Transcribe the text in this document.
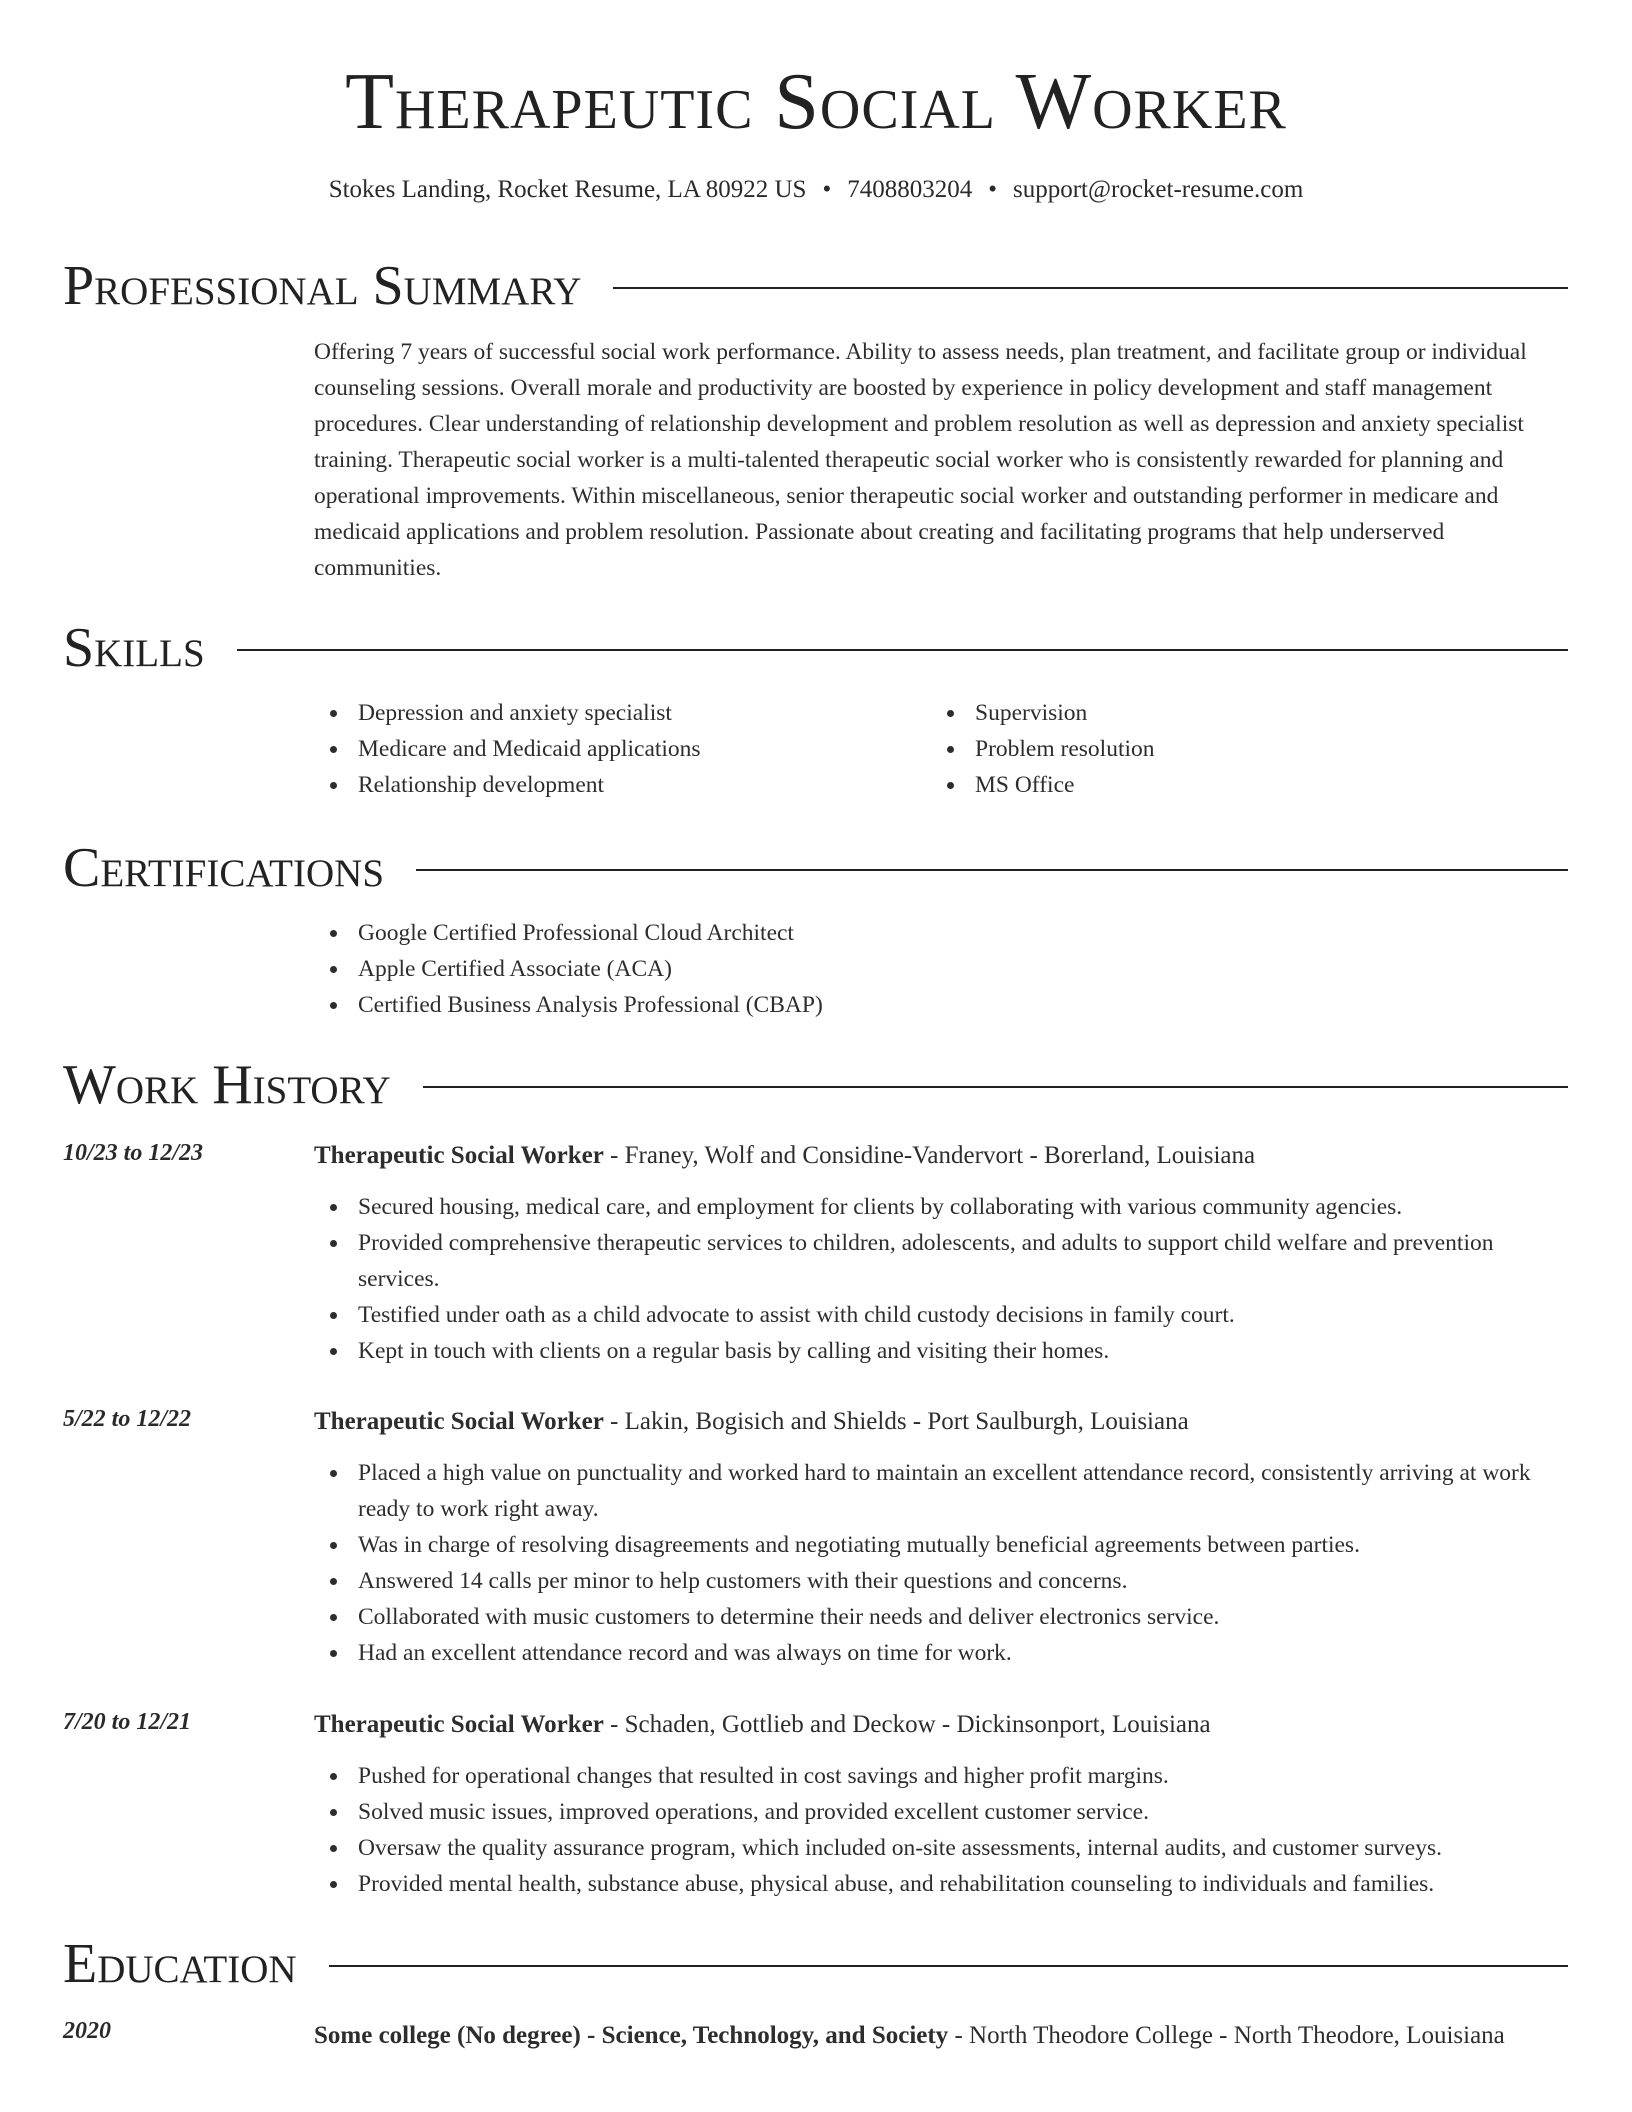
Therapeutic Social Worker
Stokes Landing, Rocket Resume, LA 80922 US • 7408803204 • support@rocket-resume.com
Professional Summary
Offering 7 years of successful social work performance. Ability to assess needs, plan treatment, and facilitate group or individual counseling sessions. Overall morale and productivity are boosted by experience in policy development and staff management procedures. Clear understanding of relationship development and problem resolution as well as depression and anxiety specialist training. Therapeutic social worker is a multi-talented therapeutic social worker who is consistently rewarded for planning and operational improvements. Within miscellaneous, senior therapeutic social worker and outstanding performer in medicare and medicaid applications and problem resolution. Passionate about creating and facilitating programs that help underserved communities.
Skills
Depression and anxiety specialist
Medicare and Medicaid applications
Relationship development
Supervision
Problem resolution
MS Office
Certifications
Google Certified Professional Cloud Architect
Apple Certified Associate (ACA)
Certified Business Analysis Professional (CBAP)
Work History
10/23 to 12/23	Therapeutic Social Worker - Franey, Wolf and Considine-Vandervort - Borerland, Louisiana
Secured housing, medical care, and employment for clients by collaborating with various community agencies.
Provided comprehensive therapeutic services to children, adolescents, and adults to support child welfare and prevention services.
Testified under oath as a child advocate to assist with child custody decisions in family court.
Kept in touch with clients on a regular basis by calling and visiting their homes.
5/22 to 12/22	Therapeutic Social Worker - Lakin, Bogisich and Shields - Port Saulburgh, Louisiana
Placed a high value on punctuality and worked hard to maintain an excellent attendance record, consistently arriving at work ready to work right away.
Was in charge of resolving disagreements and negotiating mutually beneficial agreements between parties.
Answered 14 calls per minor to help customers with their questions and concerns.
Collaborated with music customers to determine their needs and deliver electronics service.
Had an excellent attendance record and was always on time for work.
7/20 to 12/21	Therapeutic Social Worker - Schaden, Gottlieb and Deckow - Dickinsonport, Louisiana
Pushed for operational changes that resulted in cost savings and higher profit margins.
Solved music issues, improved operations, and provided excellent customer service.
Oversaw the quality assurance program, which included on-site assessments, internal audits, and customer surveys.
Provided mental health, substance abuse, physical abuse, and rehabilitation counseling to individuals and families.
Education
2020	Some college (No degree) - Science, Technology, and Society - North Theodore College - North Theodore, Louisiana
